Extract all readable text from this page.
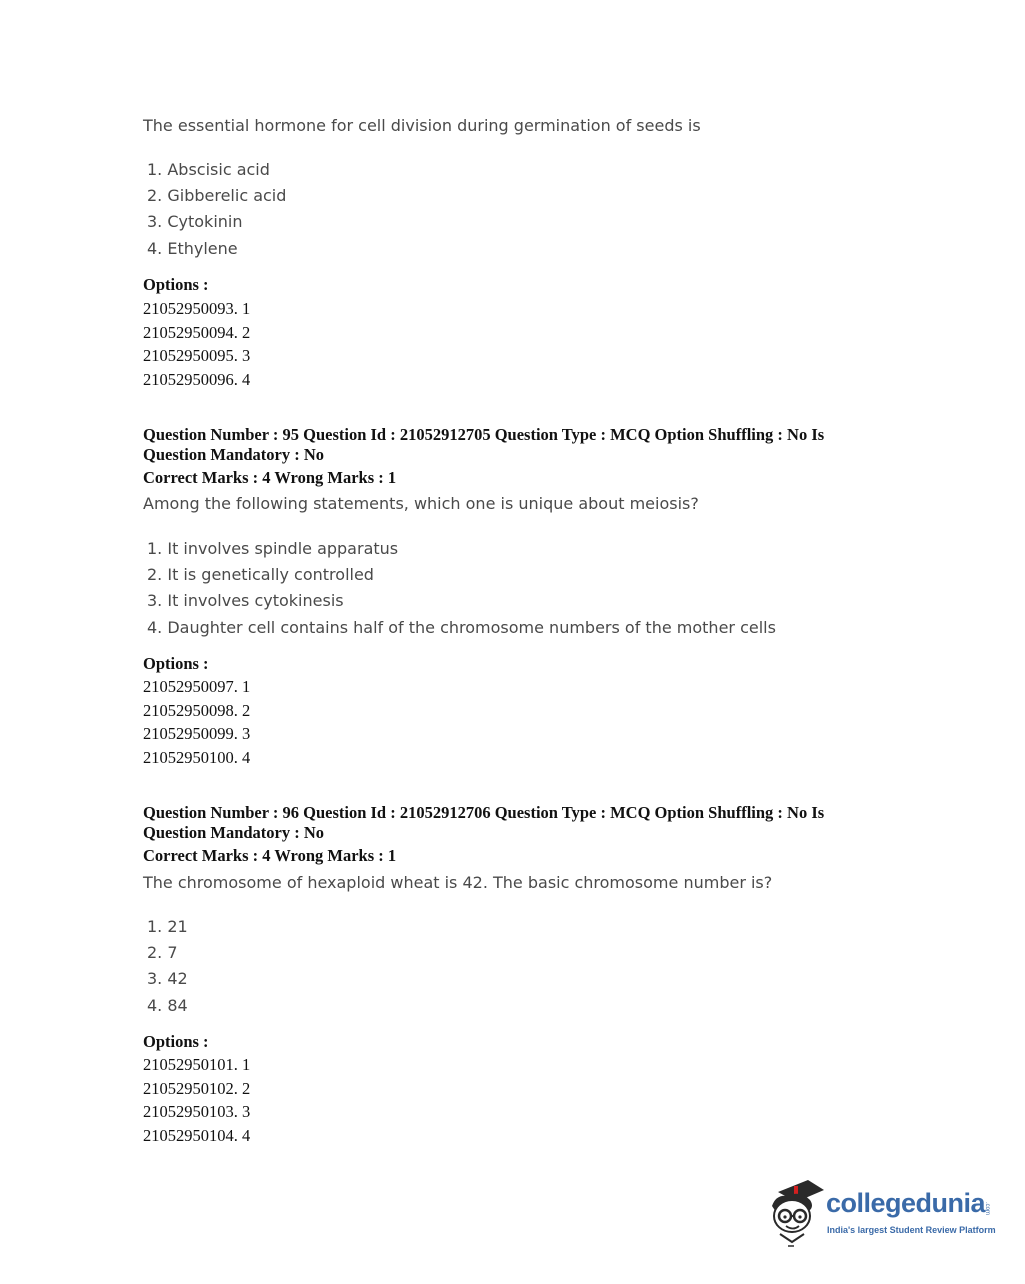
The essential hormone for cell division during germination of seeds is

1. Abscisic acid
2. Gibberelic acid
3. Cytokinin
4. Ethylene

Options :

21052950093. 1
21052950094. 2
21052950095. 3
21052950096. 4

Question Number : 95 Question Id : 21052912705 Question Type : MCQ Option Shuffling : No Is Question Mandatory : No

Correct Marks : 4 Wrong Marks : 1

Among the following statements, which one is unique about meiosis?

1. It involves spindle apparatus
2. It is genetically controlled
3. It involves cytokinesis
4. Daughter cell contains half of the chromosome numbers of the mother cells

Options :

21052950097. 1
21052950098. 2
21052950099. 3
21052950100. 4

Question Number : 96 Question Id : 21052912706 Question Type : MCQ Option Shuffling : No Is Question Mandatory : No

Correct Marks : 4 Wrong Marks : 1

The chromosome of hexaploid wheat is 42. The basic chromosome number is?

1. 21
2. 7
3. 42
4. 84

Options :

21052950101. 1
21052950102. 2
21052950103. 3
21052950104. 4
collegedunia
.com
India's largest Student Review Platform
